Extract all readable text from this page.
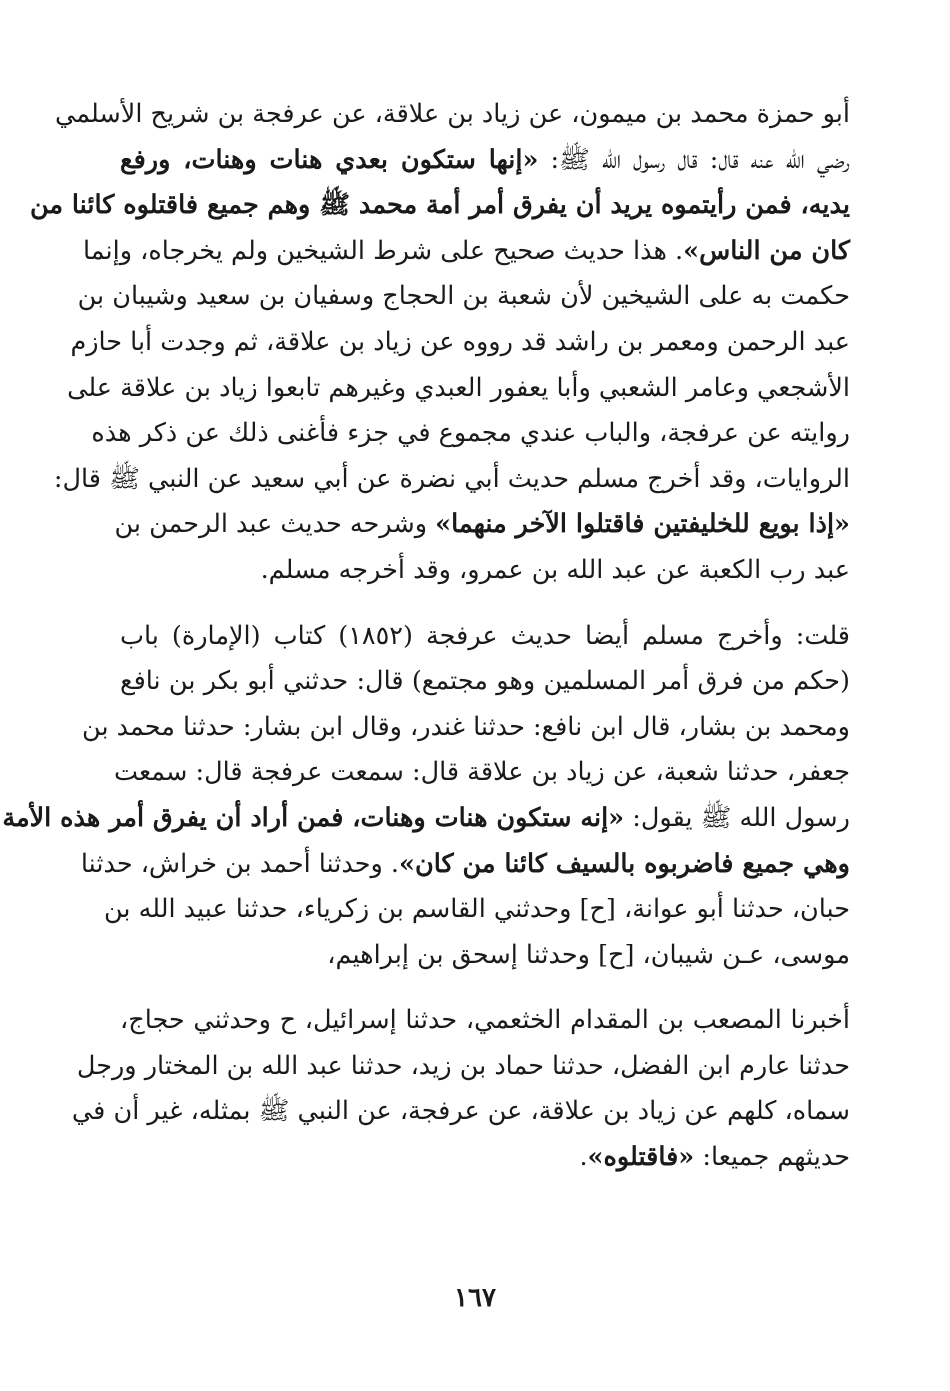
أبو حمزة محمد بن ميمون، عن زياد بن علاقة، عن عرفجة بن شريح الأسلمي
رضي الله عنه قال: قال رسول الله ﷺ: «إنها ستكون بعدي هنات وهنات، ورفع
يديه، فمن رأيتموه يريد أن يفرق أمر أمة محمد ﷺ وهم جميع فاقتلوه كائنا من
كان من الناس». هذا حديث صحيح على شرط الشيخين ولم يخرجاه، وإنما
حكمت به على الشيخين لأن شعبة بن الحجاج وسفيان بن سعيد وشيبان بن
عبد الرحمن ومعمر بن راشد قد رووه عن زياد بن علاقة، ثم وجدت أبا حازم
الأشجعي وعامر الشعبي وأبا يعفور العبدي وغيرهم تابعوا زياد بن علاقة على
روايته عن عرفجة، والباب عندي مجموع في جزء فأغنى ذلك عن ذكر هذه
الروايات، وقد أخرج مسلم حديث أبي نضرة عن أبي سعيد عن النبي ﷺ قال:
«إذا بويع للخليفتين فاقتلوا الآخر منهما» وشرحه حديث عبد الرحمن بن
عبد رب الكعبة عن عبد الله بن عمرو، وقد أخرجه مسلم.

قلت: وأخرج مسلم أيضا حديث عرفجة (١٨٥٢) كتاب (الإمارة) باب
(حكم من فرق أمر المسلمين وهو مجتمع) قال: حدثني أبو بكر بن نافع
ومحمد بن بشار، قال ابن نافع: حدثنا غندر، وقال ابن بشار: حدثنا محمد بن
جعفر، حدثنا شعبة، عن زياد بن علاقة قال: سمعت عرفجة قال: سمعت
رسول الله ﷺ يقول: «إنه ستكون هنات وهنات، فمن أراد أن يفرق أمر هذه الأمة
وهي جميع فاضربوه بالسيف كائنا من كان». وحدثنا أحمد بن خراش، حدثنا
حبان، حدثنا أبو عوانة، [ح] وحدثني القاسم بن زكرياء، حدثنا عبيد الله بن
موسى، عـن شيبان، [ح] وحدثنا إسحق بن إبراهيم،

أخبرنا المصعب بن المقدام الخثعمي، حدثنا إسرائيل، ح وحدثني حجاج،
حدثنا عارم ابن الفضل، حدثنا حماد بن زيد، حدثنا عبد الله بن المختار ورجل
سماه، كلهم عن زياد بن علاقة، عن عرفجة، عن النبي ﷺ بمثله، غير أن في
حديثهم جميعا: «فاقتلوه».

١٦٧
